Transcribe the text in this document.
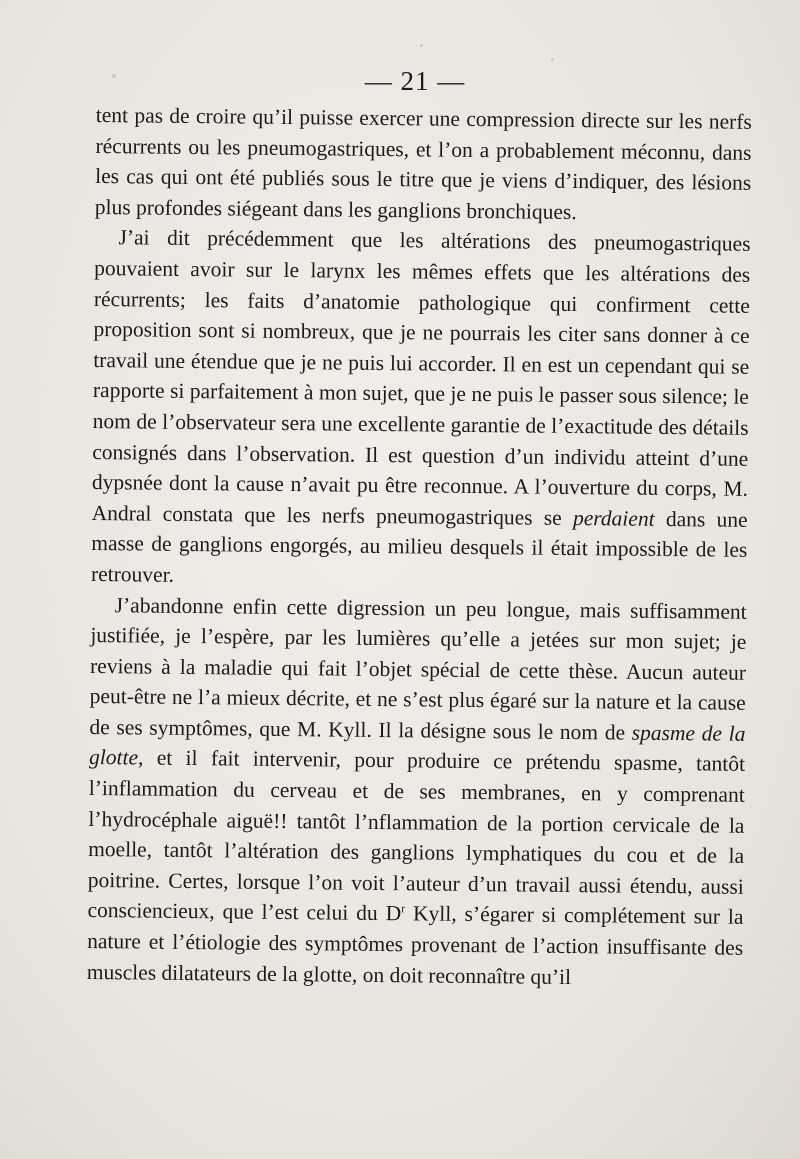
— 21 —

tent pas de croire qu’il puisse exercer une compression directe sur les nerfs récurrents ou les pneumogastriques, et l’on a probablement méconnu, dans les cas qui ont été publiés sous le titre que je viens d’indiquer, des lésions plus profondes siégeant dans les ganglions bronchiques.

J’ai dit précédemment que les altérations des pneumogastriques pouvaient avoir sur le larynx les mêmes effets que les altérations des récurrents; les faits d’anatomie pathologique qui confirment cette proposition sont si nombreux, que je ne pourrais les citer sans donner à ce travail une étendue que je ne puis lui accorder. Il en est un cependant qui se rapporte si parfaitement à mon sujet, que je ne puis le passer sous silence; le nom de l’observateur sera une excellente garantie de l’exactitude des détails consignés dans l’observation. Il est question d’un individu atteint d’une dypsnée dont la cause n’avait pu être reconnue. A l’ouverture du corps, M. Andral constata que les nerfs pneumogastriques se perdaient dans une masse de ganglions engorgés, au milieu desquels il était impossible de les retrouver.

J’abandonne enfin cette digression un peu longue, mais suffisamment justifiée, je l’espère, par les lumières qu’elle a jetées sur mon sujet; je reviens à la maladie qui fait l’objet spécial de cette thèse. Aucun auteur peut-être ne l’a mieux décrite, et ne s’est plus égaré sur la nature et la cause de ses symptômes, que M. Kyll. Il la désigne sous le nom de spasme de la glotte, et il fait intervenir, pour produire ce prétendu spasme, tantôt l’inflammation du cerveau et de ses membranes, en y comprenant l’hydrocéphale aiguë!! tantôt l’nflammation de la portion cervicale de la moelle, tantôt l’altération des ganglions lymphatiques du cou et de la poitrine. Certes, lorsque l’on voit l’auteur d’un travail aussi étendu, aussi consciencieux, que l’est celui du $D^r$ Kyll, s’égarer si complétement sur la nature et l’étiologie des symptômes provenant de l’action insuffisante des muscles dilatateurs de la glotte, on doit reconnaître qu’il
